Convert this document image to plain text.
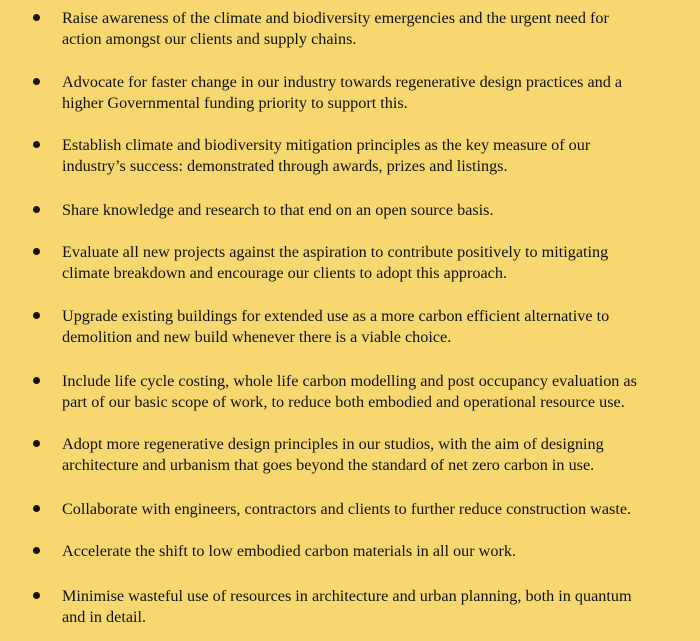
Raise awareness of the climate and biodiversity emergencies and the urgent need for
action amongst our clients and supply chains.
Advocate for faster change in our industry towards regenerative design practices and a
higher Governmental funding priority to support this.
Establish climate and biodiversity mitigation principles as the key measure of our
industry’s success: demonstrated through awards, prizes and listings.
Share knowledge and research to that end on an open source basis.
Evaluate all new projects against the aspiration to contribute positively to mitigating
climate breakdown and encourage our clients to adopt this approach.
Upgrade existing buildings for extended use as a more carbon efficient alternative to
demolition and new build whenever there is a viable choice.
Include life cycle costing, whole life carbon modelling and post occupancy evaluation as
part of our basic scope of work, to reduce both embodied and operational resource use.
Adopt more regenerative design principles in our studios, with the aim of designing
architecture and urbanism that goes beyond the standard of net zero carbon in use.
Collaborate with engineers, contractors and clients to further reduce construction waste.
Accelerate the shift to low embodied carbon materials in all our work.
Minimise wasteful use of resources in architecture and urban planning, both in quantum
and in detail.
